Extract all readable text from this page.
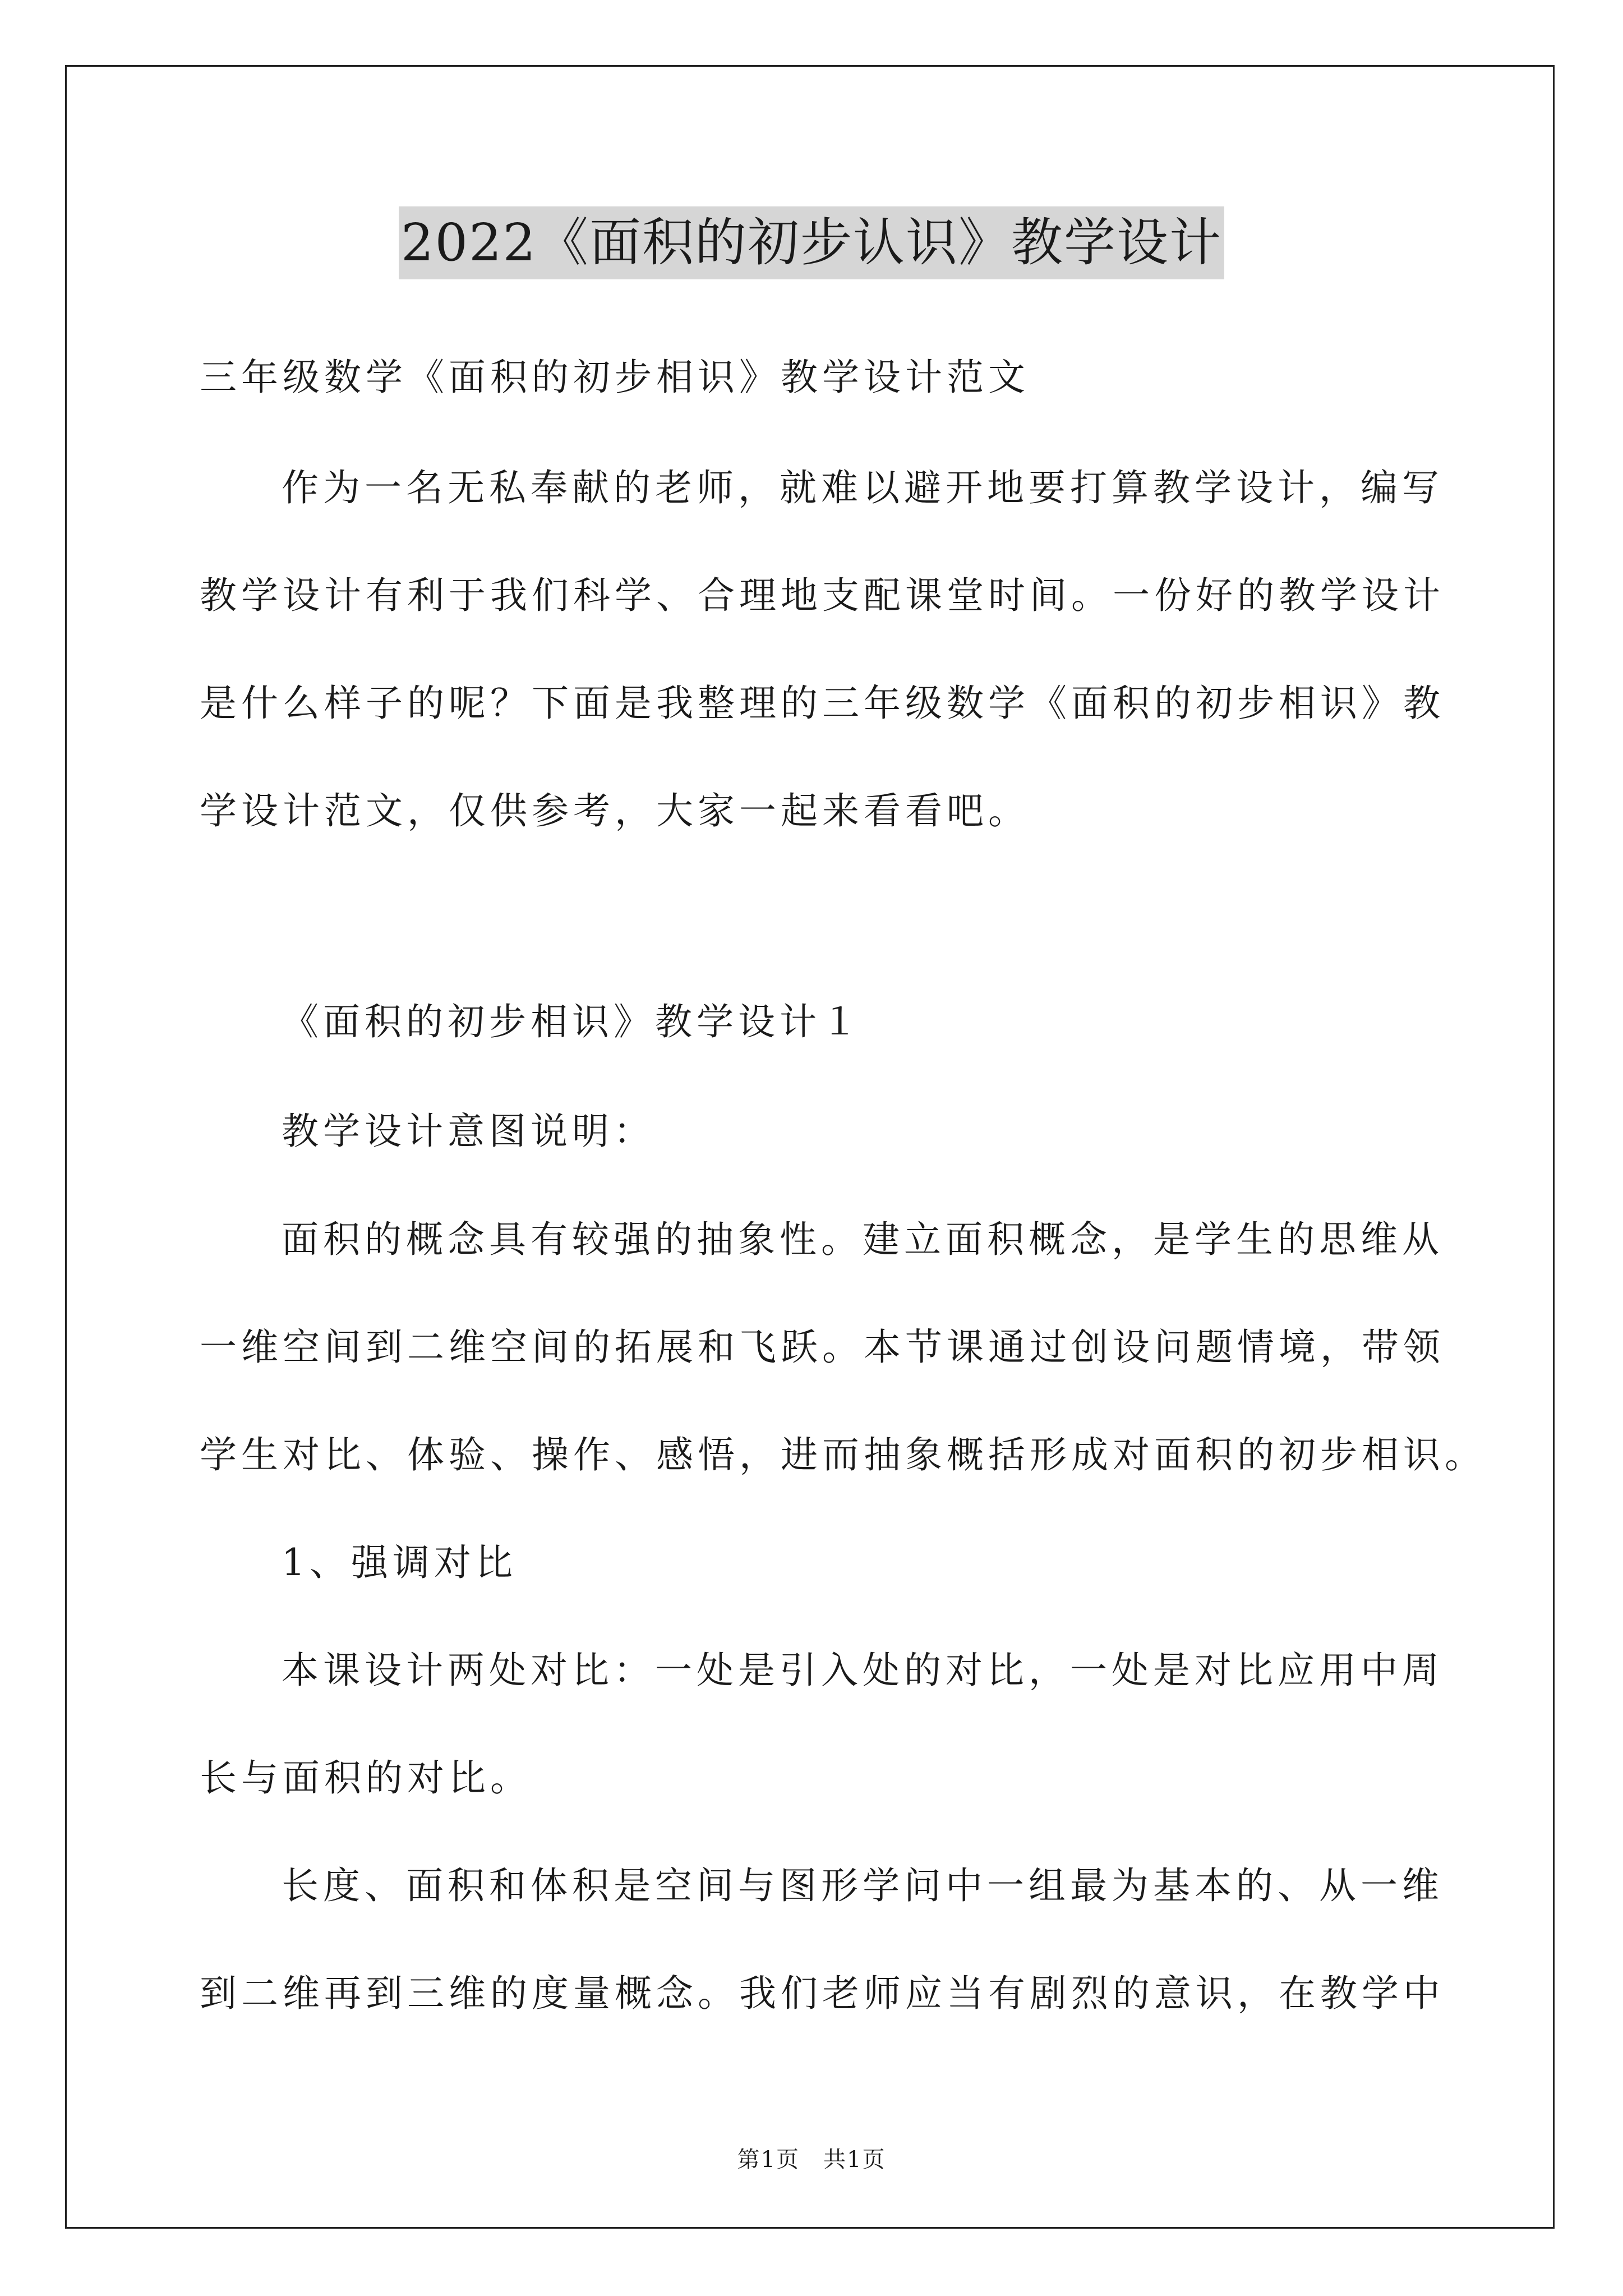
2022《面积的初步认识》教学设计
三年级数学《面积的初步相识》教学设计范文
作为一名无私奉献的老师，就难以避开地要打算教学设计，编写
教学设计有利于我们科学、合理地支配课堂时间。一份好的教学设计
是什么样子的呢？下面是我整理的三年级数学《面积的初步相识》教
学设计范文，仅供参考，大家一起来看看吧。
《面积的初步相识》教学设计１
教学设计意图说明：
面积的概念具有较强的抽象性。建立面积概念，是学生的思维从
一维空间到二维空间的拓展和飞跃。本节课通过创设问题情境，带领
学生对比、体验、操作、感悟，进而抽象概括形成对面积的初步相识。
1、强调对比
本课设计两处对比：一处是引入处的对比，一处是对比应用中周
长与面积的对比。
长度、面积和体积是空间与图形学问中一组最为基本的、从一维
到二维再到三维的度量概念。我们老师应当有剧烈的意识，在教学中
第1页　共1页
